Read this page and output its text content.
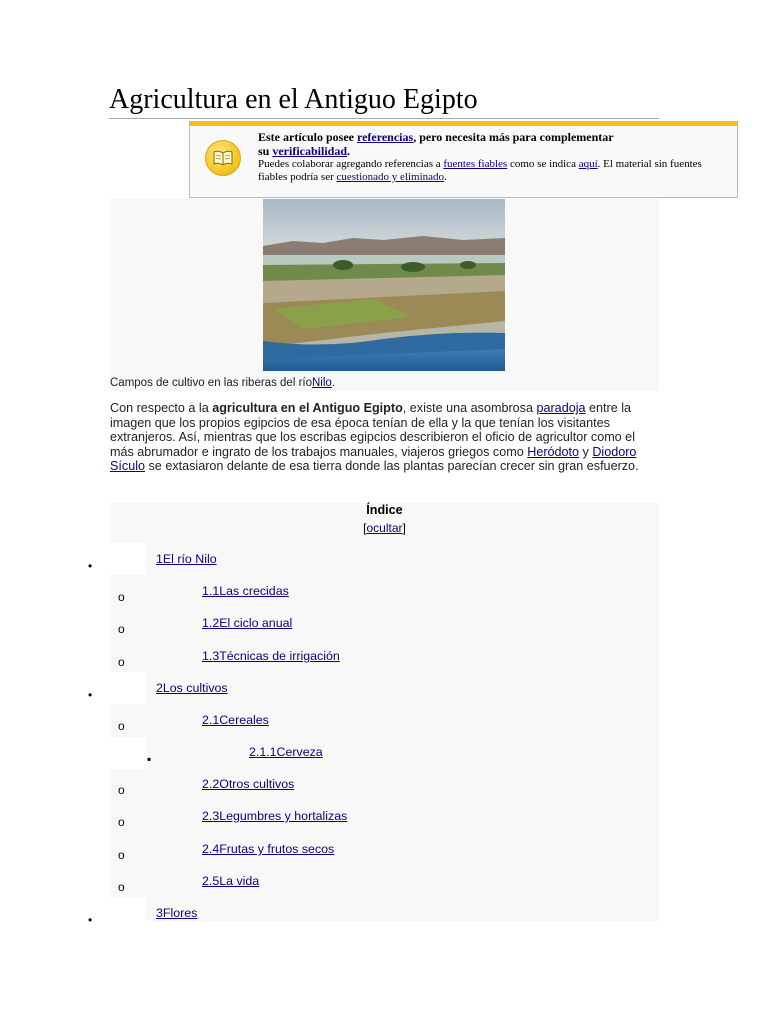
Agricultura en el Antiguo Egipto
Este artículo posee referencias, pero necesita más para complementar
su verificabilidad.
Puedes colaborar agregando referencias a fuentes fiables como se indica aquí. El material sin fuentes
fiables podría ser cuestionado y eliminado.
Campos de cultivo en las riberas del ríoNilo.
Con respecto a la agricultura en el Antiguo Egipto, existe una asombrosa paradoja entre la imagen que los propios egipcios de esa época tenían de ella y la que tenían los visitantes extranjeros. Así, mientras que los escribas egipcios describieron el oficio de agricultor como el más abrumador e ingrato de los trabajos manuales, viajeros griegos como Heródoto y Diodoro Sículo se extasiaron delante de esa tierra donde las plantas parecían crecer sin gran esfuerzo.
Índice
[ocultar]
•	1El río Nilo
o	1.1Las crecidas
o	1.2El ciclo anual
o	1.3Técnicas de irrigación
•	2Los cultivos
o	2.1Cereales
▪	2.1.1Cerveza
o	2.2Otros cultivos
o	2.3Legumbres y hortalizas
o	2.4Frutas y frutos secos
o	2.5La vida
•	3Flores
